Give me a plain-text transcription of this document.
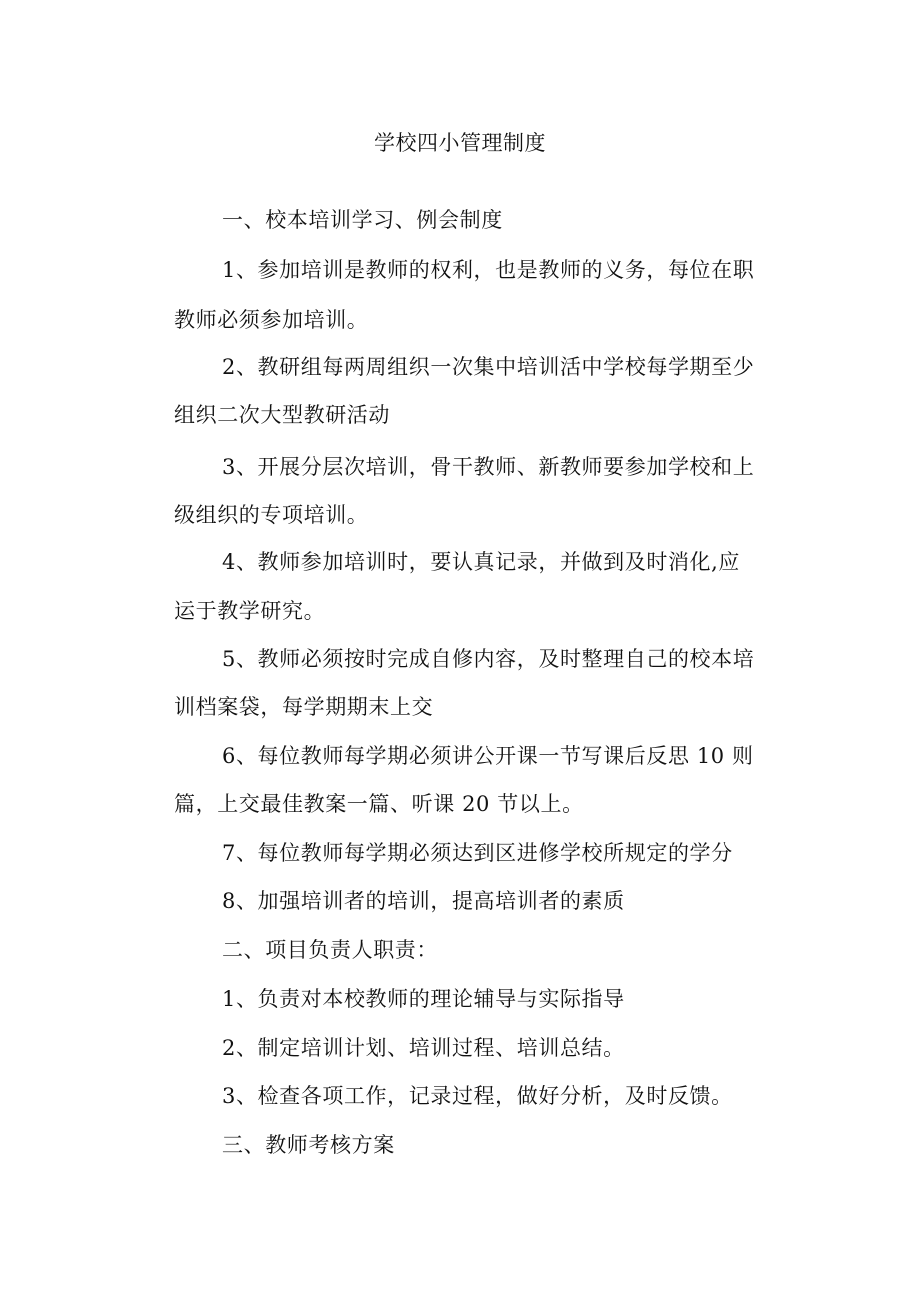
学校四小管理制度
一、校本培训学习、例会制度
1、参加培训是教师的权利，也是教师的义务，每位在职
教师必须参加培训。
2、教研组每两周组织一次集中培训活中学校每学期至少
组织二次大型教研活动
3、开展分层次培训，骨干教师、新教师要参加学校和上
级组织的专项培训。
4、教师参加培训时，要认真记录，并做到及时消化,应
运于教学研究。
5、教师必须按时完成自修内容，及时整理自己的校本培
训档案袋，每学期期末上交
6、每位教师每学期必须讲公开课一节写课后反思 10 则
篇，上交最佳教案一篇、听课 20 节以上。
7、每位教师每学期必须达到区进修学校所规定的学分
8、加强培训者的培训，提高培训者的素质
二、项目负责人职责：
1、负责对本校教师的理论辅导与实际指导
2、制定培训计划、培训过程、培训总结。
3、检查各项工作，记录过程，做好分析，及时反馈。
三、教师考核方案
